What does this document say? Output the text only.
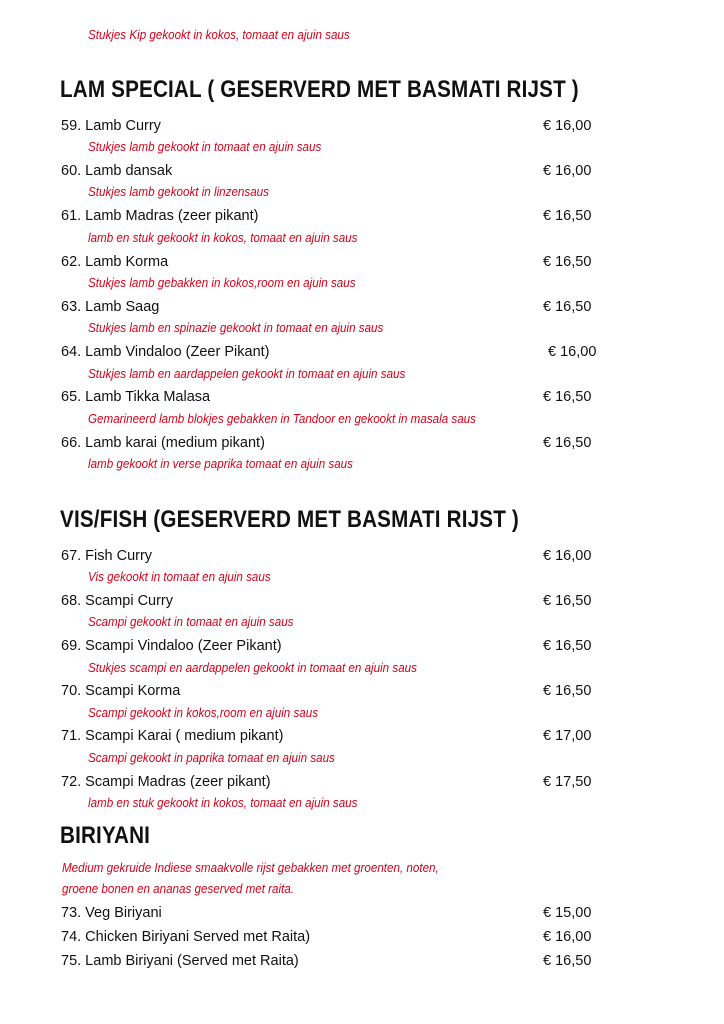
Stukjes Kip gekookt in kokos, tomaat en ajuin saus
LAM SPECIAL ( GESERVERD MET BASMATI RIJST )
59. Lamb Curry	€ 16,00
Stukjes lamb gekookt in tomaat en ajuin saus
60. Lamb dansak	€ 16,00
Stukjes lamb gekookt in linzensaus
61. Lamb Madras (zeer pikant)	€ 16,50
lamb en stuk gekookt in kokos, tomaat en ajuin saus
62. Lamb Korma	€ 16,50
Stukjes lamb gebakken in kokos,room en ajuin saus
63. Lamb Saag	€ 16,50
Stukjes lamb en spinazie gekookt in tomaat en ajuin saus
64. Lamb Vindaloo (Zeer Pikant)	€ 16,00
Stukjes lamb en aardappelen gekookt in tomaat en ajuin saus
65. Lamb Tikka Malasa	€ 16,50
Gemarineerd lamb blokjes gebakken in Tandoor en gekookt in masala saus
66. Lamb karai (medium pikant)	€ 16,50
lamb gekookt in verse paprika tomaat en ajuin saus
VIS/FISH (GESERVERD MET BASMATI RIJST )
67. Fish Curry	€ 16,00
Vis gekookt in tomaat en ajuin saus
68. Scampi Curry	€ 16,50
Scampi gekookt in tomaat en ajuin saus
69. Scampi Vindaloo (Zeer Pikant)	€ 16,50
Stukjes scampi en aardappelen gekookt in tomaat en ajuin saus
70. Scampi Korma	€ 16,50
Scampi gekookt in kokos,room en ajuin saus
71. Scampi Karai ( medium pikant)	€ 17,00
Scampi gekookt in paprika tomaat en ajuin saus
72. Scampi Madras (zeer pikant)	€ 17,50
lamb en stuk gekookt in kokos, tomaat en ajuin saus
BIRIYANI
Medium gekruide Indiese smaakvolle rijst gebakken met groenten, noten,
groene bonen en ananas geserved met raita.
73. Veg Biriyani	€ 15,00
74. Chicken Biriyani Served met Raita)	€ 16,00
75. Lamb Biriyani (Served met Raita)	€ 16,50
